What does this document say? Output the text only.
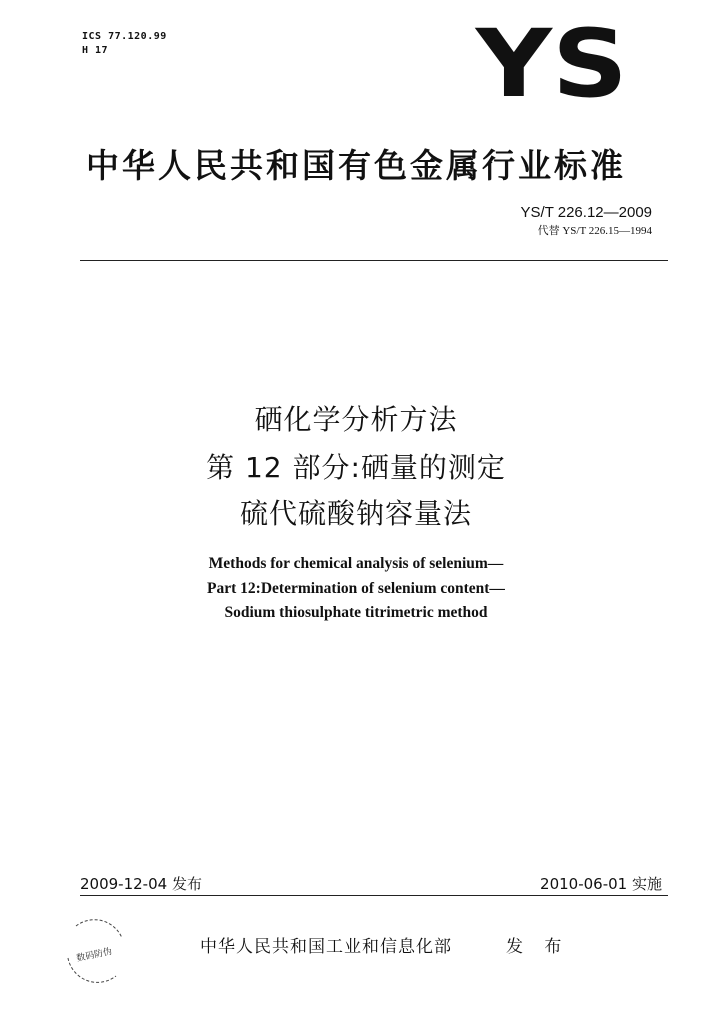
ICS 77.120.99
H 17	YS
中华人民共和国有色金属行业标准
YS/T 226.12—2009
代替 YS/T 226.15—1994
硒化学分析方法
第 12 部分:硒量的测定
硫代硫酸钠容量法
Methods for chemical analysis of selenium—
Part 12:Determination of selenium content—
Sodium thiosulphate titrimetric method
2009-12-04 发布	2010-06-01 实施
数码防伪	中华人民共和国工业和信息化部	发 布
